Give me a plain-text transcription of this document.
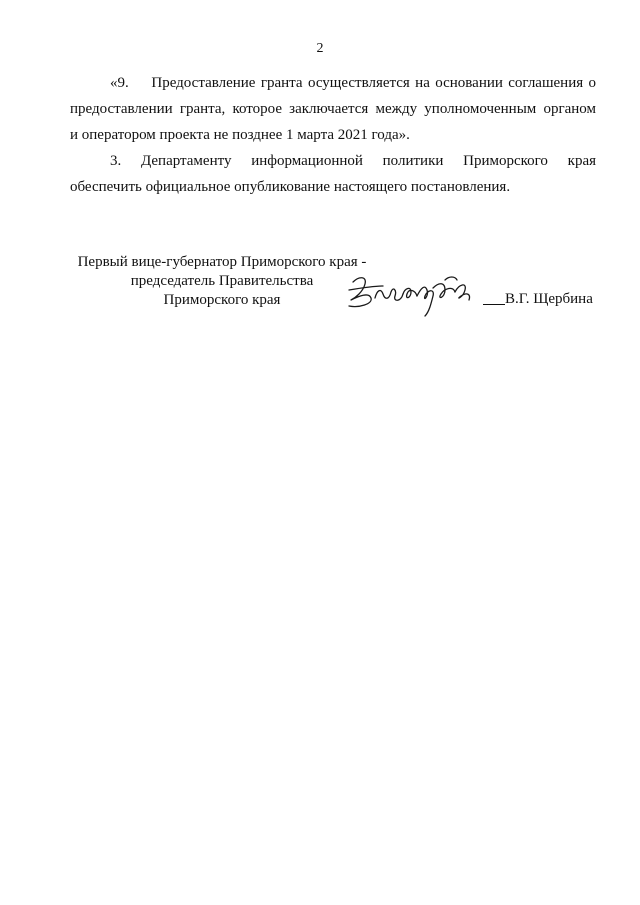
2
«9. Предоставление гранта осуществляется на основании соглашения о
предоставлении гранта, которое заключается между уполномоченным органом
и оператором проекта не позднее 1 марта 2021 года».
3. Департаменту информационной политики Приморского края
обеспечить официальное опубликование настоящего постановления.
Первый вице-губернатор Приморского края -
председатель Правительства
Приморского края	В.Г. Щербина
